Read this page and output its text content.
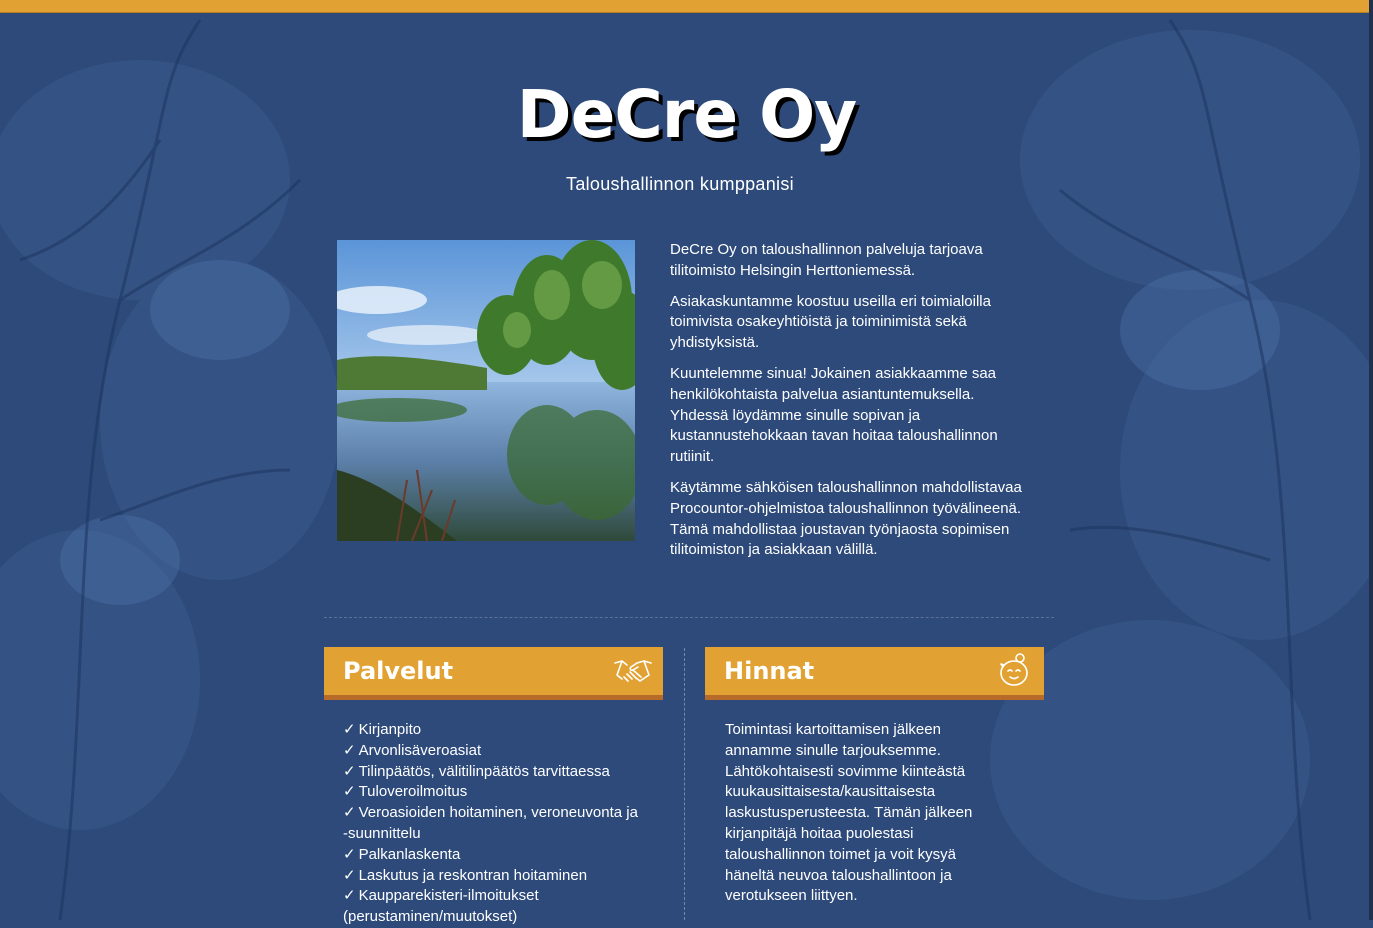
DeCre Oy
Taloushallinnon kumppanisi

DeCre Oy on taloushallinnon palveluja tarjoava tilitoimisto Helsingin Herttoniemessä.

Asiakaskuntamme koostuu useilla eri toimialoilla toimivista osakeyhtiöistä ja toiminimistä sekä yhdistyksistä.

Kuuntelemme sinua! Jokainen asiakkaamme saa henkilökohtaista palvelua asiantuntemuksella. Yhdessä löydämme sinulle sopivan ja kustannustehokkaan tavan hoitaa taloushallinnon rutiinit.

Käytämme sähköisen taloushallinnon mahdollistavaa Procountor-ohjelmistoa taloushallinnon työvälineenä. Tämä mahdollistaa joustavan työnjaosta sopimisen tilitoimiston ja asiakkaan välillä.

Palvelut	Hinnat
✓ Kirjanpito
✓ Arvonlisäveroasiat
✓ Tilinpäätös, välitilinpäätös tarvittaessa
✓ Tuloveroilmoitus
✓ Veroasioiden hoitaminen, veroneuvonta ja -suunnittelu
✓ Palkanlaskenta
✓ Laskutus ja reskontran hoitaminen
✓ Kaupparekisteri-ilmoitukset (perustaminen/muutokset)

Toimintasi kartoittamisen jälkeen annamme sinulle tarjouksemme. Lähtökohtaisesti sovimme kiinteästä kuukausittaisesta/kausittaisesta laskustusperusteesta. Tämän jälkeen kirjanpitäjä hoitaa puolestasi taloushallinnon toimet ja voit kysyä häneltä neuvoa taloushallintoon ja verotukseen liittyen.
